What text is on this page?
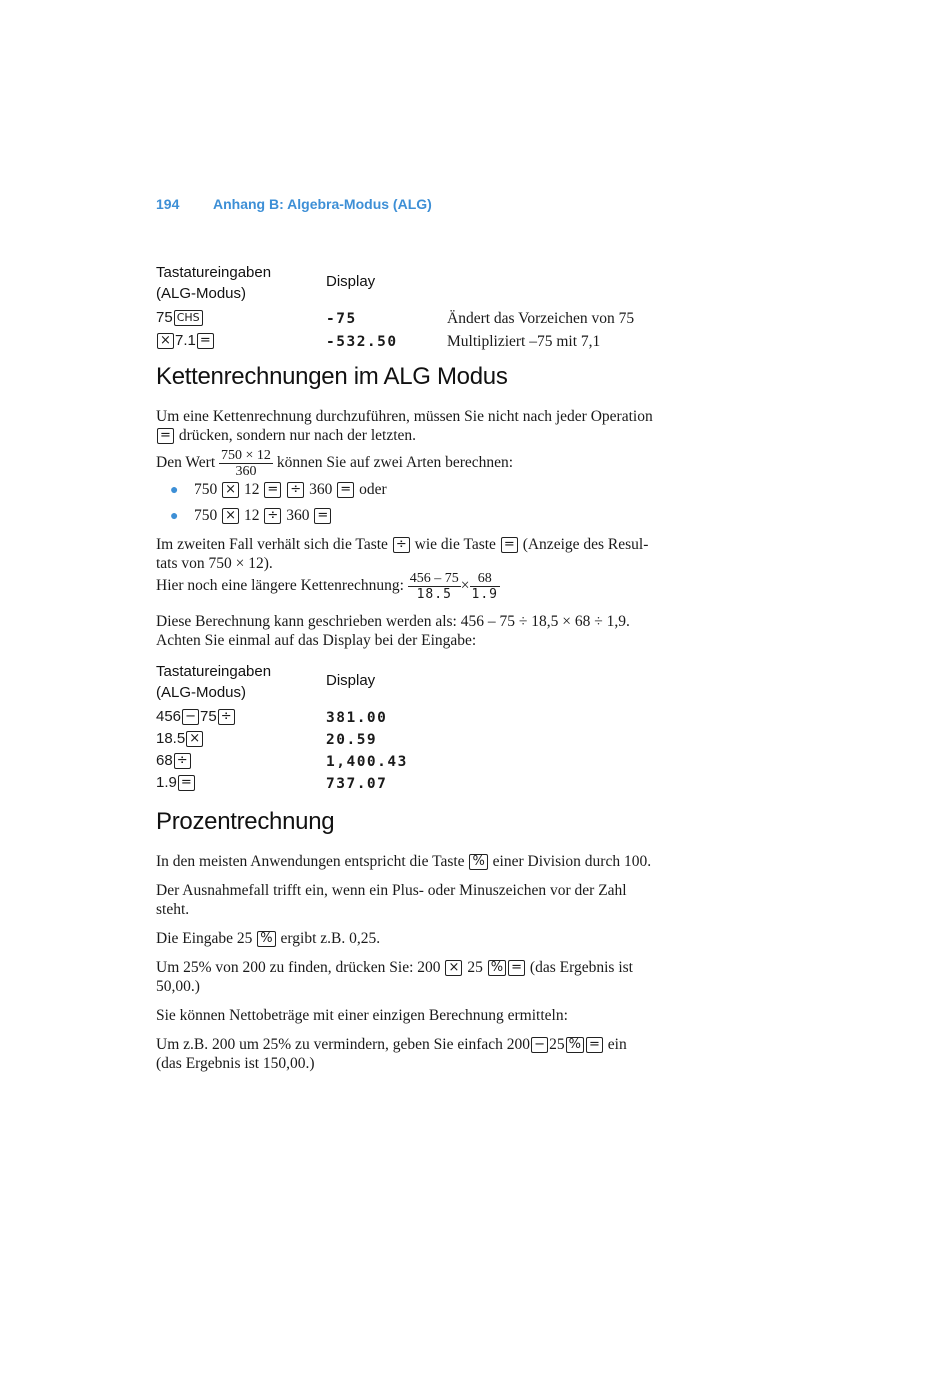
194 Anhang B: Algebra-Modus (ALG)
Tastatureingaben
(ALG-Modus)
Display
75 CHS	-75	Ändert das Vorzeichen von 75
× 7.1 =	-532.50	Multipliziert –75 mit 7,1
Kettenrechnungen im ALG Modus
Um eine Kettenrechnung durchzuführen, müssen Sie nicht nach jeder Operation
= drücken, sondern nur nach der letzten.
Den Wert $\frac{750 \times 12}{360}$ können Sie auf zwei Arten berechnen:
● 750 × 12 = ÷ 360 = oder
● 750 × 12 ÷ 360 =
Im zweiten Fall verhält sich die Taste ÷ wie die Taste = (Anzeige des Resul-
tats von 750 × 12).
Hier noch eine längere Kettenrechnung: $\frac{456 - 75}{18.5} \times \frac{68}{1.9}$
Diese Berechnung kann geschrieben werden als: 456 – 75 ÷ 18,5 × 68 ÷ 1,9.
Achten Sie einmal auf das Display bei der Eingabe:
Tastatureingaben
(ALG-Modus)
Display
456 − 75 ÷	381.00
18.5 ×	20.59
68 ÷	1,400.43
1.9 =	737.07
Prozentrechnung
In den meisten Anwendungen entspricht die Taste % einer Division durch 100.
Der Ausnahmefall trifft ein, wenn ein Plus- oder Minuszeichen vor der Zahl
steht.
Die Eingabe 25 % ergibt z.B. 0,25.
Um 25% von 200 zu finden, drücken Sie: 200 × 25 % = (das Ergebnis ist
50,00.)
Sie können Nettobeträge mit einer einzigen Berechnung ermitteln:
Um z.B. 200 um 25% zu vermindern, geben Sie einfach 200 − 25 % = ein
(das Ergebnis ist 150,00.)
